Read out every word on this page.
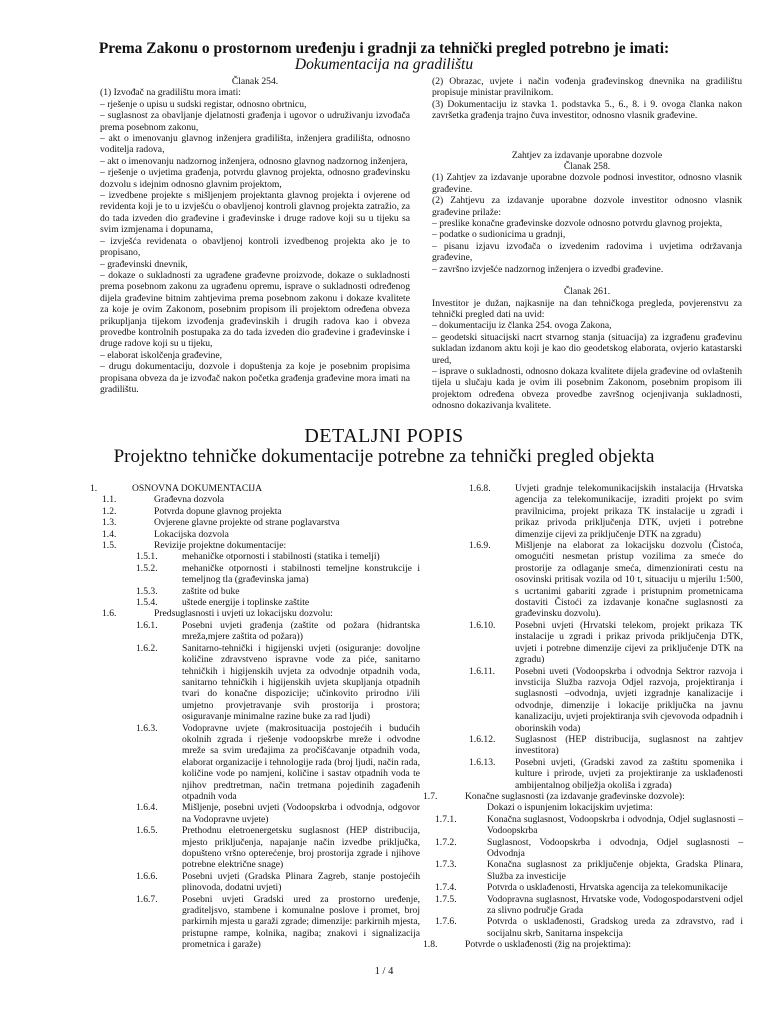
Prema Zakonu o prostornom uređenju i gradnji za tehnički pregled potrebno je imati:
Dokumentacija na gradilištu

Članak 254.

(1) Izvođač na gradilištu mora imati:

– rješenje o upisu u sudski registar, odnosno obrtnicu,

– suglasnost za obavljanje djelatnosti građenja i ugovor o udruživanju izvođača prema posebnom zakonu,

– akt o imenovanju glavnog inženjera gradilišta, inženjera gradilišta, odnosno voditelja radova,

– akt o imenovanju nadzornog inženjera, odnosno glavnog nadzornog inženjera,

– rješenje o uvjetima građenja, potvrdu glavnog projekta, odnosno građevinsku dozvolu s idejnim odnosno glavnim projektom,

– izvedbene projekte s mišljenjem projektanta glavnog projekta i ovjerene od revidenta koji je to u izvješću o obavljenoj kontroli glavnog projekta zatražio, za do tada izveden dio građevine i građevinske i druge radove koji su u tijeku sa svim izmjenama i dopunama,

– izvješća revidenata o obavljenoj kontroli izvedbenog projekta ako je to propisano,

– građevinski dnevnik,

– dokaze o sukladnosti za ugrađene građevne proizvode, dokaze o sukladnosti prema posebnom zakonu za ugrađenu opremu, isprave o sukladnosti određenog dijela građevine bitnim zahtjevima prema posebnom zakonu i dokaze kvalitete za koje je ovim Zakonom, posebnim propisom ili projektom određena obveza prikupljanja tijekom izvođenja građevinskih i drugih radova kao i obveza provedbe kontrolnih postupaka za do tada izveden dio građevine i građevinske i druge radove koji su u tijeku,

– elaborat iskolčenja građevine,

– drugu dokumentaciju, dozvole i dopuštenja za koje je posebnim propisima propisana obveza da je izvođač nakon početka građenja građevine mora imati na gradilištu.

(2) Obrazac, uvjete i način vođenja građevinskog dnevnika na gradilištu propisuje ministar pravilnikom.

(3) Dokumentaciju iz stavka 1. podstavka 5., 6., 8. i 9. ovoga članka nakon završetka građenja trajno čuva investitor, odnosno vlasnik građevine.

Zahtjev za izdavanje uporabne dozvole

Članak 258.

(1) Zahtjev za izdavanje uporabne dozvole podnosi investitor, odnosno vlasnik građevine.

(2) Zahtjevu za izdavanje uporabne dozvole investitor odnosno vlasnik građevine prilaže:

– preslike konačne građevinske dozvole odnosno potvrdu glavnog projekta,

– podatke o sudionicima u gradnji,

– pisanu izjavu izvođača o izvedenim radovima i uvjetima održavanja građevine,

– završno izvješće nadzornog inženjera o izvedbi građevine.

Članak 261.

Investitor je dužan, najkasnije na dan tehničkoga pregleda, povjerenstvu za tehnički pregled dati na uvid:

– dokumentaciju iz članka 254. ovoga Zakona,

– geodetski situacijski nacrt stvarnog stanja (situacija) za izgrađenu građevinu sukladan izdanom aktu koji je kao dio geodetskog elaborata, ovjerio katastarski ured,

– isprave o sukladnosti, odnosno dokaza kvalitete dijela građevine od ovlaštenih tijela u slučaju kada je ovim ili posebnim Zakonom, posebnim propisom ili projektom određena obveza provedbe završnog ocjenjivanja sukladnosti, odnosno dokazivanja kvalitete.

DETALJNI POPIS
Projektno tehničke dokumentacije potrebne za tehnički pregled objekta
1.	OSNOVNA DOKUMENTACIJA
1.1.	Građevna dozvola
1.2.	Potvrda dopune glavnog projekta
1.3.	Ovjerene glavne projekte od strane poglavarstva
1.4.	Lokacijska dozvola
1.5.	Revizije projektne dokumentacije:
1.5.1.	mehaničke otpornosti i stabilnosti (statika i temelji)
1.5.2.	mehaničke otpornosti i stabilnosti temeljne konstrukcije i temeljnog tla (građevinska jama)
1.5.3.	zaštite od buke
1.5.4.	uštede energije i toplinske zaštite
1.6.	Predsuglasnosti i uvjeti uz lokacijsku dozvolu:
1.6.1.	Posebni uvjeti građenja (zaštite od požara (hidrantska mreža,mjere zaštita od požara))
1.6.2.	Sanitarno-tehnički i higijenski uvjeti (osiguranje: dovoljne količine zdravstveno ispravne vode za piće, sanitarno tehničkih i higijenskih uvjeta za odvodnje otpadnih voda, sanitarno tehničkih i higijenskih uvjeta skupljanja otpadnih tvari do konačne dispozicije; učinkovito prirodno i/ili umjetno provjetravanje svih prostorija i prostora; osiguravanje minimalne razine buke za rad ljudi)
1.6.3.	Vodopravne uvjete (makrosituacija postojećih i budućih okolnih zgrada i rješenje vodoopskrbe mreže i odvodne mreže sa svim uređajima za pročišćavanje otpadnih voda, elaborat organizacije i tehnologije rada (broj ljudi, način rada, količine vode po namjeni, količine i sastav otpadnih voda te njihov predtretman, način tretmana pojedinih zagađenih otpadnih voda
1.6.4.	Mišljenje, posebni uvjeti (Vodoopskrba i odvodnja, odgovor na Vodopravne uvjete)
1.6.5.	Prethodnu eletroenergetsku suglasnost (HEP distribucija, mjesto priključenja, napajanje način izvedbe priključka, dopušteno vršno opterećenje, broj prostorija zgrade i njihove potrebne električne snage)
1.6.6.	Posebni uvjeti (Gradska Plinara Zagreb, stanje postojećih plinovoda, dodatni uvjeti)
1.6.7.	Posebni uvjeti Gradski ured za prostorno uređenje, graditeljsvo, stambene i komunalne poslove i promet, broj parkirnih mjesta u garaži zgrade; dimenzije: parkirnih mjesta, pristupne rampe, kolnika, nagiba; znakovi i signalizacija prometnica i garaže)
1.6.8.	Uvjeti gradnje telekomunikacijskih instalacija (Hrvatska agencija za telekomunikacije, izraditi projekt po svim pravilnicima, projekt prikaza TK instalacije u zgradi i prikaz privoda priključenja DTK, uvjeti i potrebne dimenzije cijevi za priključenje DTK na zgradu)
1.6.9.	Mišljenje na elaborat za lokacijsku dozvolu (Čistoća, omogućiti nesmetan pristup vozilima za smeće do prostorije za odlaganje smeća, dimenzionirati cestu na osovinski pritisak vozila od 10 t, situaciju u mjerilu 1:500, s ucrtanimi gabariti zgrade i pristupnim prometnicama dostaviti Čistoći za izdavanje konačne suglasnosti za građevinsku dozvolu).
1.6.10.	Posebni uvjeti (Hrvatski telekom, projekt prikaza TK instalacije u zgradi i prikaz privoda priključenja DTK, uvjeti i potrebne dimenzije cijevi za priključenje DTK na zgradu)
1.6.11.	Posebni uveti (Vodoopskrba i odvodnja Sektror razvoja i invsticija Služba razvoja Odjel razvoja, projektiranja i suglasnosti –odvodnja, uvjeti izgradnje kanalizacije i odvodnje, dimenzije i lokacije priključka na javnu kanalizaciju, uvjeti projektiranja svih cjevovoda odpadnih i oborinskih voda)
1.6.12.	Suglasnost (HEP distribucija, suglasnost na zahtjev investitora)
1.6.13.	Posebni uvjeti, (Gradski zavod za zaštitu spomenika i kulture i prirode, uvjeti za projektiranje za usklađenosti ambijentalnog obilježja okoliša i zgrada)
1.7.	Konačne suglasnosti (za izdavanje građevinske dozvole):
Dokazi o ispunjenim lokacijskim uvjetima:
1.7.1.	Konačna suglasnost, Vodoopskrba i odvodnja, Odjel suglasnosti – Vodoopskrba
1.7.2.	Suglasnost, Vodoopskrba i odvodnja, Odjel suglasnosti – Odvodnja
1.7.3.	Konačna suglasnost za priključenje objekta, Gradska Plinara, Služba za investicije
1.7.4.	Potvrda o usklađenosti, Hrvatska agencija za telekomunikacije
1.7.5.	Vodopravna suglasnost, Hrvatske vode, Vodogospodarstveni odjel za slivno područje Grada
1.7.6.	Potvrda o usklađenosti, Gradskog ureda za zdravstvo, rad i socijalnu skrb, Sanitarna inspekcija
1.8.	Potvrde o usklađenosti (žig na projektima):
1 / 4
